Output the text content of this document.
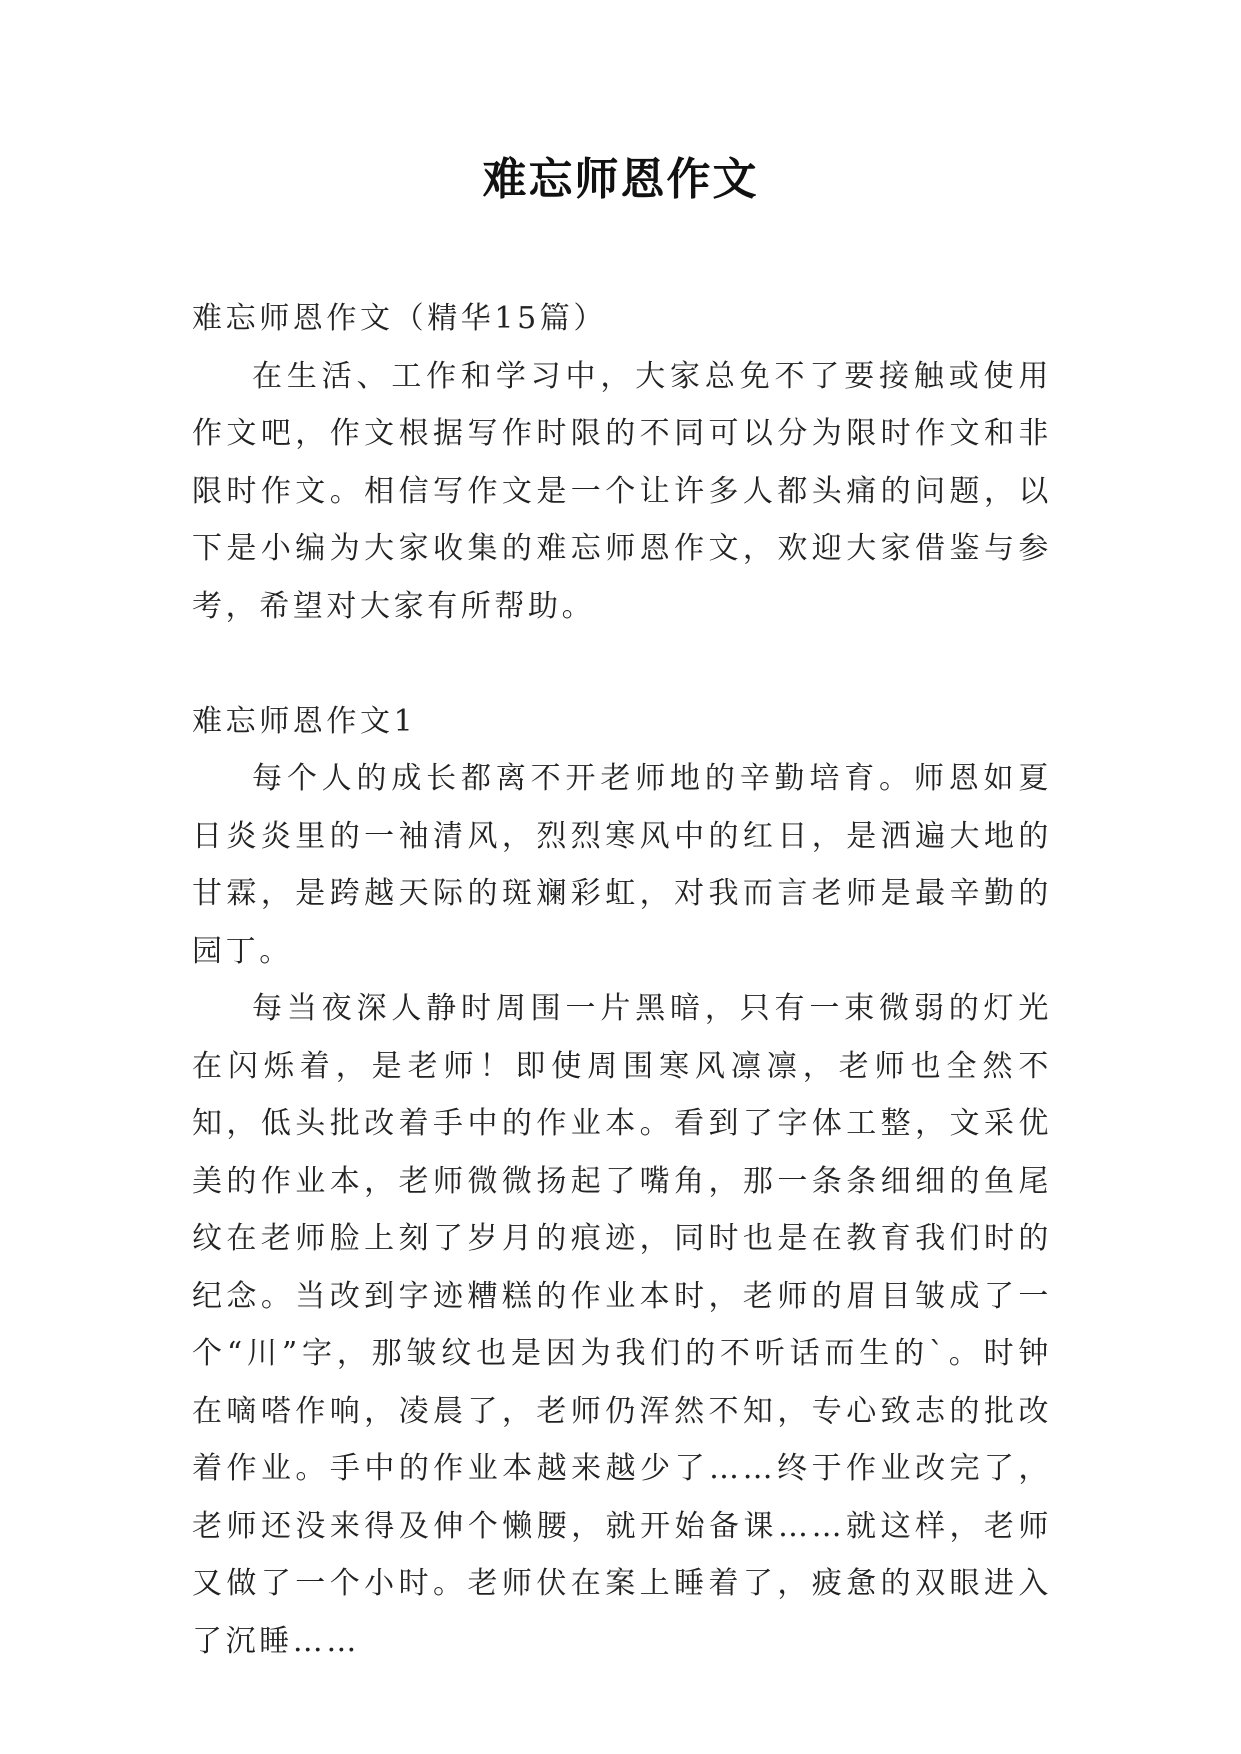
难忘师恩作文

难忘师恩作文（精华15篇）

在生活、工作和学习中，大家总免不了要接触或使用作文吧，作文根据写作时限的不同可以分为限时作文和非限时作文。相信写作文是一个让许多人都头痛的问题，以下是小编为大家收集的难忘师恩作文，欢迎大家借鉴与参考，希望对大家有所帮助。

难忘师恩作文1

每个人的成长都离不开老师地的辛勤培育。师恩如夏日炎炎里的一袖清风，烈烈寒风中的红日，是洒遍大地的甘霖，是跨越天际的斑斓彩虹，对我而言老师是最辛勤的园丁。

每当夜深人静时周围一片黑暗，只有一束微弱的灯光在闪烁着，是老师！即使周围寒风凛凛，老师也全然不知，低头批改着手中的作业本。看到了字体工整，文采优美的作业本，老师微微扬起了嘴角，那一条条细细的鱼尾纹在老师脸上刻了岁月的痕迹，同时也是在教育我们时的纪念。当改到字迹糟糕的作业本时，老师的眉目皱成了一个“川”字，那皱纹也是因为我们的不听话而生的`。时钟在嘀嗒作响，凌晨了，老师仍浑然不知，专心致志的批改着作业。手中的作业本越来越少了……终于作业改完了，老师还没来得及伸个懒腰，就开始备课……就这样，老师又做了一个小时。老师伏在案上睡着了，疲惫的双眼进入了沉睡……
